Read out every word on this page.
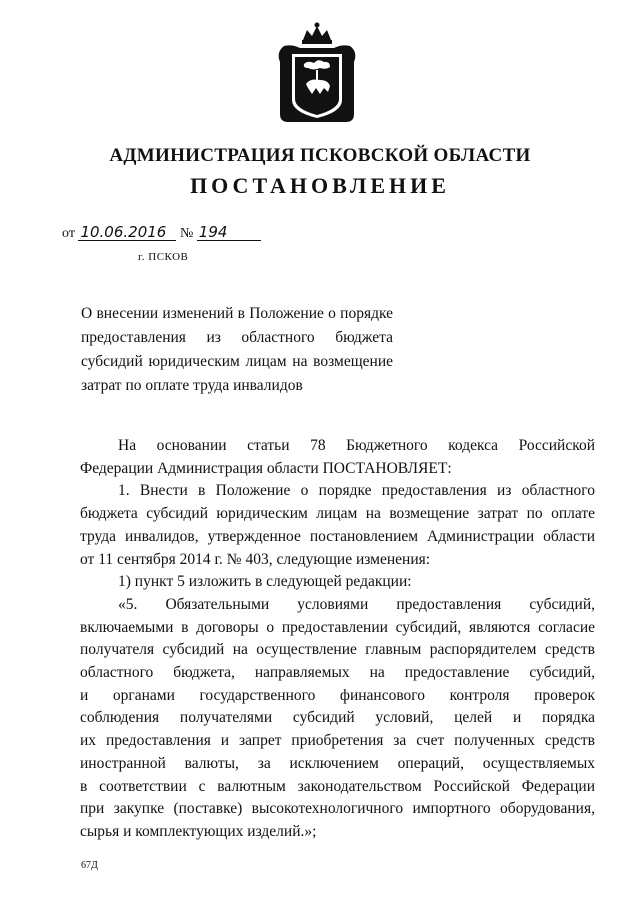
АДМИНИСТРАЦИЯ ПСКОВСКОЙ ОБЛАСТИ
ПОСТАНОВЛЕНИЕ
от 10.06.2016 № 194
г. ПСКОВ
О внесении изменений в Положение о порядке
предоставления из областного бюджета
субсидий юридическим лицам на возмещение
затрат по оплате труда инвалидов
На основании статьи 78 Бюджетного кодекса Российской
Федерации Администрация области ПОСТАНОВЛЯЕТ:
1. Внести в Положение о порядке предоставления из областного
бюджета субсидий юридическим лицам на возмещение затрат по оплате
труда инвалидов, утвержденное постановлением Администрации области
от 11 сентября 2014 г. № 403, следующие изменения:
1) пункт 5 изложить в следующей редакции:
«5. Обязательными условиями предоставления субсидий,
включаемыми в договоры о предоставлении субсидий, являются согласие
получателя субсидий на осуществление главным распорядителем средств
областного бюджета, направляемых на предоставление субсидий,
и органами государственного финансового контроля проверок
соблюдения получателями субсидий условий, целей и порядка
их предоставления и запрет приобретения за счет полученных средств
иностранной валюты, за исключением операций, осуществляемых
в соответствии с валютным законодательством Российской Федерации
при закупке (поставке) высокотехнологичного импортного оборудования,
сырья и комплектующих изделий.»;
67Д
